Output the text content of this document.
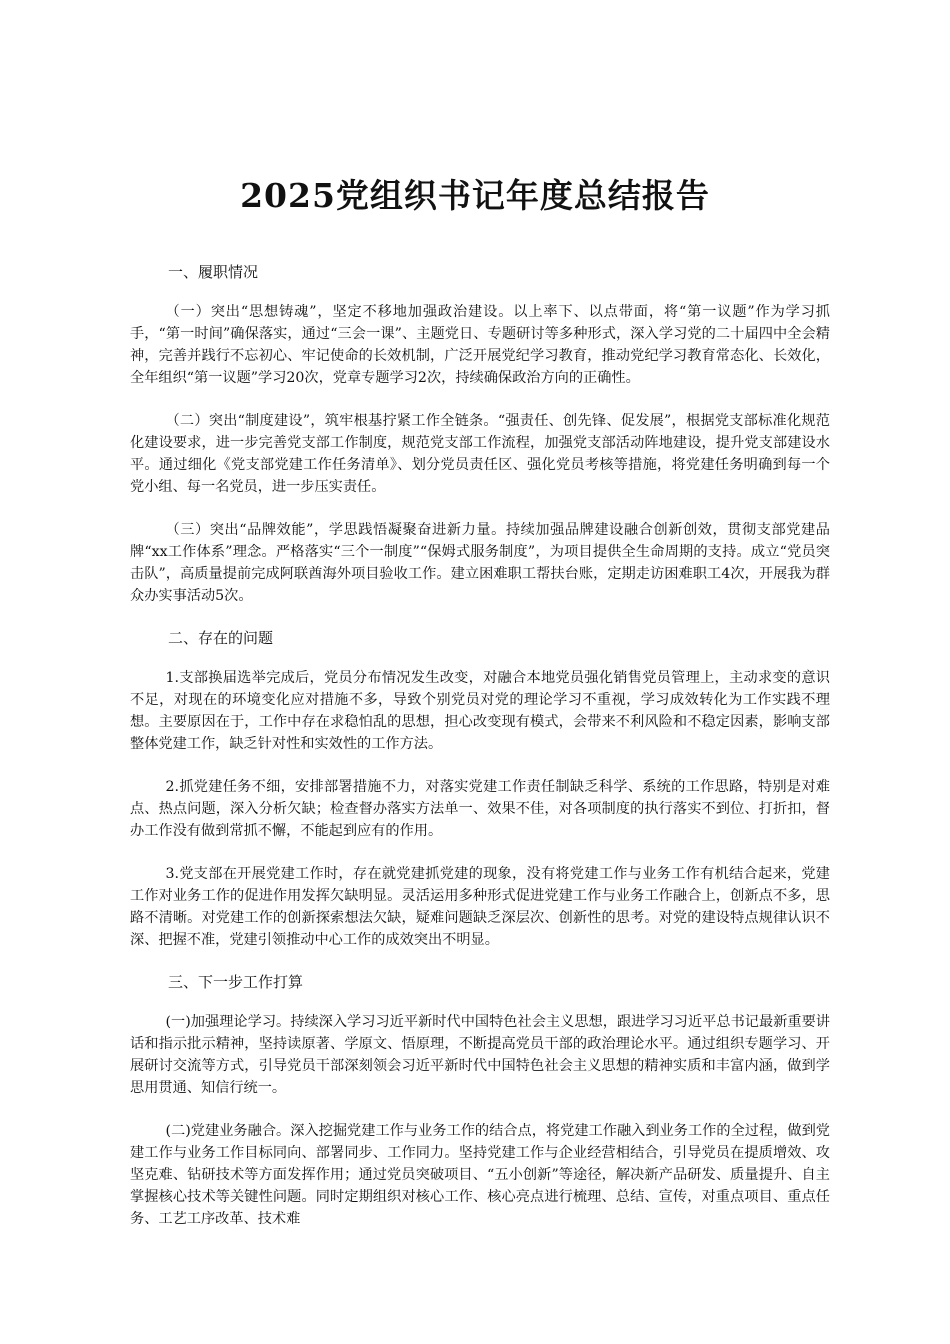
2025党组织书记年度总结报告
一、履职情况

（一）突出“思想铸魂”，坚定不移地加强政治建设。以上率下、以点带面，将“第一议题”作为学习抓手，“第一时间”确保落实，通过“三会一课”、主题党日、专题研讨等多种形式，深入学习党的二十届四中全会精神，完善并践行不忘初心、牢记使命的长效机制，广泛开展党纪学习教育，推动党纪学习教育常态化、长效化，全年组织“第一议题”学习20次，党章专题学习2次，持续确保政治方向的正确性。

（二）突出“制度建设”，筑牢根基拧紧工作全链条。“强责任、创先锋、促发展”，根据党支部标准化规范化建设要求，进一步完善党支部工作制度，规范党支部工作流程，加强党支部活动阵地建设，提升党支部建设水平。通过细化《党支部党建工作任务清单》、划分党员责任区、强化党员考核等措施，将党建任务明确到每一个党小组、每一名党员，进一步压实责任。

（三）突出“品牌效能”，学思践悟凝聚奋进新力量。持续加强品牌建设融合创新创效，贯彻支部党建品牌“xx工作体系”理念。严格落实“三个一制度”“保姆式服务制度”，为项目提供全生命周期的支持。成立“党员突击队”，高质量提前完成阿联酋海外项目验收工作。建立困难职工帮扶台账，定期走访困难职工4次，开展我为群众办实事活动5次。

二、存在的问题

1.支部换届选举完成后，党员分布情况发生改变，对融合本地党员强化销售党员管理上，主动求变的意识不足，对现在的环境变化应对措施不多，导致个别党员对党的理论学习不重视，学习成效转化为工作实践不理想。主要原因在于，工作中存在求稳怕乱的思想，担心改变现有模式，会带来不利风险和不稳定因素，影响支部整体党建工作，缺乏针对性和实效性的工作方法。

2.抓党建任务不细，安排部署措施不力，对落实党建工作责任制缺乏科学、系统的工作思路，特别是对难点、热点问题，深入分析欠缺；检查督办落实方法单一、效果不佳，对各项制度的执行落实不到位、打折扣，督办工作没有做到常抓不懈，不能起到应有的作用。

3.党支部在开展党建工作时，存在就党建抓党建的现象，没有将党建工作与业务工作有机结合起来，党建工作对业务工作的促进作用发挥欠缺明显。灵活运用多种形式促进党建工作与业务工作融合上，创新点不多，思路不清晰。对党建工作的创新探索想法欠缺，疑难问题缺乏深层次、创新性的思考。对党的建设特点规律认识不深、把握不准，党建引领推动中心工作的成效突出不明显。

三、下一步工作打算

(一)加强理论学习。持续深入学习习近平新时代中国特色社会主义思想，跟进学习习近平总书记最新重要讲话和指示批示精神，坚持读原著、学原文、悟原理，不断提高党员干部的政治理论水平。通过组织专题学习、开展研讨交流等方式，引导党员干部深刻领会习近平新时代中国特色社会主义思想的精神实质和丰富内涵，做到学思用贯通、知信行统一。

(二)党建业务融合。深入挖掘党建工作与业务工作的结合点，将党建工作融入到业务工作的全过程，做到党建工作与业务工作目标同向、部署同步、工作同力。坚持党建工作与企业经营相结合，引导党员在提质增效、攻坚克难、钻研技术等方面发挥作用；通过党员突破项目、“五小创新”等途径，解决新产品研发、质量提升、自主掌握核心技术等关键性问题。同时定期组织对核心工作、核心亮点进行梳理、总结、宣传，对重点项目、重点任务、工艺工序改革、技术难
